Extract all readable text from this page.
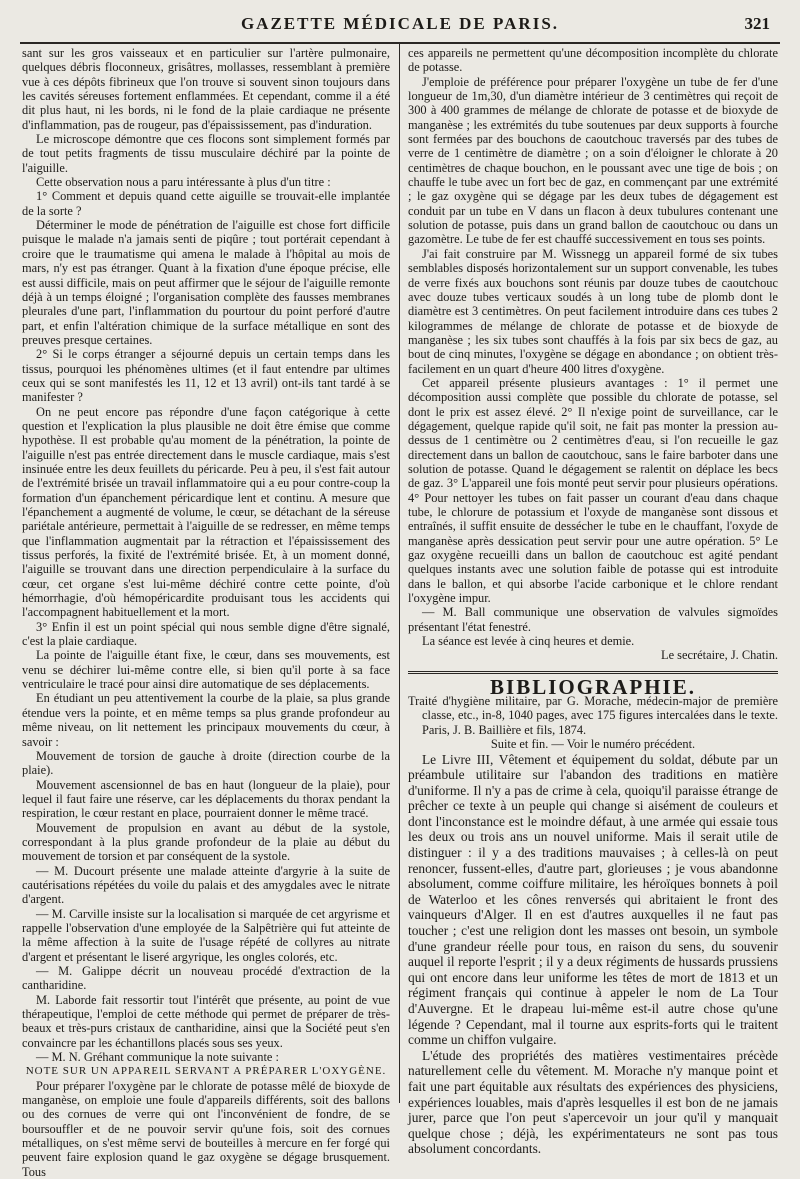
GAZETTE MÉDICALE DE PARIS.	321

sant sur les gros vaisseaux et en particulier sur l'artère pulmonaire, quelques débris floconneux, grisâtres, mollasses, ressemblant à première vue à ces dépôts fibrineux que l'on trouve si souvent sinon toujours dans les cavités séreuses fortement enflammées. Et cependant, comme il a été dit plus haut, ni les bords, ni le fond de la plaie cardiaque ne présente d'inflammation, pas de rougeur, pas d'épaississement, pas d'induration.

Le microscope démontre que ces flocons sont simplement formés par de tout petits fragments de tissu musculaire déchiré par la pointe de l'aiguille.

Cette observation nous a paru intéressante à plus d'un titre :

1° Comment et depuis quand cette aiguille se trouvait-elle implantée de la sorte ?

Déterminer le mode de pénétration de l'aiguille est chose fort difficile puisque le malade n'a jamais senti de piqûre ; tout portérait cependant à croire que le traumatisme qui amena le malade à l'hôpital au mois de mars, n'y est pas étranger. Quant à la fixation d'une époque précise, elle est aussi difficile, mais on peut affirmer que le séjour de l'aiguille remonte déjà à un temps éloigné ; l'organisation complète des fausses membranes pleurales d'une part, l'inflammation du pourtour du point perforé d'autre part, et enfin l'altération chimique de la surface métallique en sont des preuves presque certaines.

2° Si le corps étranger a séjourné depuis un certain temps dans les tissus, pourquoi les phénomènes ultimes (et il faut entendre par ultimes ceux qui se sont manifestés les 11, 12 et 13 avril) ont-ils tant tardé à se manifester ?

On ne peut encore pas répondre d'une façon catégorique à cette question et l'explication la plus plausible ne doit être émise que comme hypothèse. Il est probable qu'au moment de la pénétration, la pointe de l'aiguille n'est pas entrée directement dans le muscle cardiaque, mais s'est insinuée entre les deux feuillets du péricarde. Peu à peu, il s'est fait autour de l'extrémité brisée un travail inflammatoire qui a eu pour contre-coup la formation d'un épanchement péricardique lent et continu. A mesure que l'épanchement a augmenté de volume, le cœur, se détachant de la séreuse pariétale antérieure, permettait à l'aiguille de se redresser, en même temps que l'inflammation augmentait par la rétraction et l'épaississement des tissus perforés, la fixité de l'extrémité brisée. Et, à un moment donné, l'aiguille se trouvant dans une direction perpendiculaire à la surface du cœur, cet organe s'est lui-même déchiré contre cette pointe, d'où hémorrhagie, d'où hémopéricardite produisant tous les accidents qui l'accompagnent habituellement et la mort.

3° Enfin il est un point spécial qui nous semble digne d'être signalé, c'est la plaie cardiaque.

La pointe de l'aiguille étant fixe, le cœur, dans ses mouvements, est venu se déchirer lui-même contre elle, si bien qu'il porte à sa face ventriculaire le tracé pour ainsi dire automatique de ses déplacements.

En étudiant un peu attentivement la courbe de la plaie, sa plus grande étendue vers la pointe, et en même temps sa plus grande profondeur au même niveau, on lit nettement les principaux mouvements du cœur, à savoir :

Mouvement de torsion de gauche à droite (direction courbe de la plaie).

Mouvement ascensionnel de bas en haut (longueur de la plaie), pour lequel il faut faire une réserve, car les déplacements du thorax pendant la respiration, le cœur restant en place, pourraient donner le même tracé.

Mouvement de propulsion en avant au début de la systole, correspondant à la plus grande profondeur de la plaie au début du mouvement de torsion et par conséquent de la systole.

— M. Ducourt présente une malade atteinte d'argyrie à la suite de cautérisations répétées du voile du palais et des amygdales avec le nitrate d'argent.

— M. Carville insiste sur la localisation si marquée de cet argyrisme et rappelle l'observation d'une employée de la Salpêtrière qui fut atteinte de la même affection à la suite de l'usage répété de collyres au nitrate d'argent et présentant le liseré argyrique, les ongles colorés, etc.

— M. Galippe décrit un nouveau procédé d'extraction de la cantharidine.

M. Laborde fait ressortir tout l'intérêt que présente, au point de vue thérapeutique, l'emploi de cette méthode qui permet de préparer de très-beaux et très-purs cristaux de cantharidine, ainsi que la Société peut s'en convaincre par les échantillons placés sous ses yeux.

— M. N. Gréhant communique la note suivante :

NOTE SUR UN APPAREIL SERVANT A PRÉPARER L'OXYGÈNE.

Pour préparer l'oxygène par le chlorate de potasse mêlé de bioxyde de manganèse, on emploie une foule d'appareils différents, soit des ballons ou des cornues de verre qui ont l'inconvénient de fondre, de se boursouffler et de ne pouvoir servir qu'une fois, soit des cornues métalliques, on s'est même servi de bouteilles à mercure en fer forgé qui peuvent faire explosion quand le gaz oxygène se dégage brusquement. Tous

ces appareils ne permettent qu'une décomposition incomplète du chlorate de potasse.

J'emploie de préférence pour préparer l'oxygène un tube de fer d'une longueur de 1m,30, d'un diamètre intérieur de 3 centimètres qui reçoit de 300 à 400 grammes de mélange de chlorate de potasse et de bioxyde de manganèse ; les extrémités du tube soutenues par deux supports à fourche sont fermées par des bouchons de caoutchouc traversés par des tubes de verre de 1 centimètre de diamètre ; on a soin d'éloigner le chlorate à 20 centimètres de chaque bouchon, en le poussant avec une tige de bois ; on chauffe le tube avec un fort bec de gaz, en commençant par une extrémité ; le gaz oxygène qui se dégage par les deux tubes de dégagement est conduit par un tube en V dans un flacon à deux tubulures contenant une solution de potasse, puis dans un grand ballon de caoutchouc ou dans un gazomètre. Le tube de fer est chauffé successivement en tous ses points.

J'ai fait construire par M. Wissnegg un appareil formé de six tubes semblables disposés horizontalement sur un support convenable, les tubes de verre fixés aux bouchons sont réunis par douze tubes de caoutchouc avec douze tubes verticaux soudés à un long tube de plomb dont le diamètre est 3 centimètres. On peut facilement introduire dans ces tubes 2 kilogrammes de mélange de chlorate de potasse et de bioxyde de manganèse ; les six tubes sont chauffés à la fois par six becs de gaz, au bout de cinq minutes, l'oxygène se dégage en abondance ; on obtient très-facilement en un quart d'heure 400 litres d'oxygène.

Cet appareil présente plusieurs avantages : 1° il permet une décomposition aussi complète que possible du chlorate de potasse, sel dont le prix est assez élevé. 2° Il n'exige point de surveillance, car le dégagement, quelque rapide qu'il soit, ne fait pas monter la pression au-dessus de 1 centimètre ou 2 centimètres d'eau, si l'on recueille le gaz directement dans un ballon de caoutchouc, sans le faire barboter dans une solution de potasse. Quand le dégagement se ralentit on déplace les becs de gaz. 3° L'appareil une fois monté peut servir pour plusieurs opérations. 4° Pour nettoyer les tubes on fait passer un courant d'eau dans chaque tube, le chlorure de potassium et l'oxyde de manganèse sont dissous et entraînés, il suffit ensuite de dessécher le tube en le chauffant, l'oxyde de manganèse après dessication peut servir pour une autre opération. 5° Le gaz oxygène recueilli dans un ballon de caoutchouc est agité pendant quelques instants avec une solution faible de potasse qui est introduite dans le ballon, et qui absorbe l'acide carbonique et le chlore rendant l'oxygène impur.

— M. Ball communique une observation de valvules sigmoïdes présentant l'état fenestré.

La séance est levée à cinq heures et demie.

Le secrétaire, J. Chatin.

BIBLIOGRAPHIE.

Traité d'hygiène militaire, par G. Morache, médecin-major de première classe, etc., in-8, 1040 pages, avec 175 figures intercalées dans le texte. Paris, J. B. Baillière et fils, 1874.

Suite et fin. — Voir le numéro précédent.

Le Livre III, Vêtement et équipement du soldat, débute par un préambule utilitaire sur l'abandon des traditions en matière d'uniforme. Il n'y a pas de crime à cela, quoiqu'il paraisse étrange de prêcher ce texte à un peuple qui change si aisément de couleurs et dont l'inconstance est le moindre défaut, à une armée qui essaie tous les deux ou trois ans un nouvel uniforme. Mais il serait utile de distinguer : il y a des traditions mauvaises ; à celles-là on peut renoncer, fussent-elles, d'autre part, glorieuses ; je vous abandonne absolument, comme coiffure militaire, les héroïques bonnets à poil de Waterloo et les cônes renversés qui abritaient le front des vainqueurs d'Alger. Il en est d'autres auxquelles il ne faut pas toucher ; c'est une religion dont les masses ont besoin, un symbole d'une grandeur réelle pour tous, en raison du sens, du souvenir auquel il reporte l'esprit ; il y a deux régiments de hussards prussiens qui ont encore dans leur uniforme les têtes de mort de 1813 et un régiment français qui continue à appeler le nom de La Tour d'Auvergne. Et le drapeau lui-même est-il autre chose qu'une légende ? Cependant, mal il tourne aux esprits-forts qui le traitent comme un chiffon vulgaire.

L'étude des propriétés des matières vestimentaires précède naturellement celle du vêtement. M. Morache n'y manque point et fait une part équitable aux résultats des expériences des physiciens, expériences louables, mais d'après lesquelles il est bon de ne jamais jurer, parce que l'on peut s'apercevoir un jour qu'il y manquait quelque chose ; déjà, les expérimentateurs ne sont pas tous absolument concordants.
